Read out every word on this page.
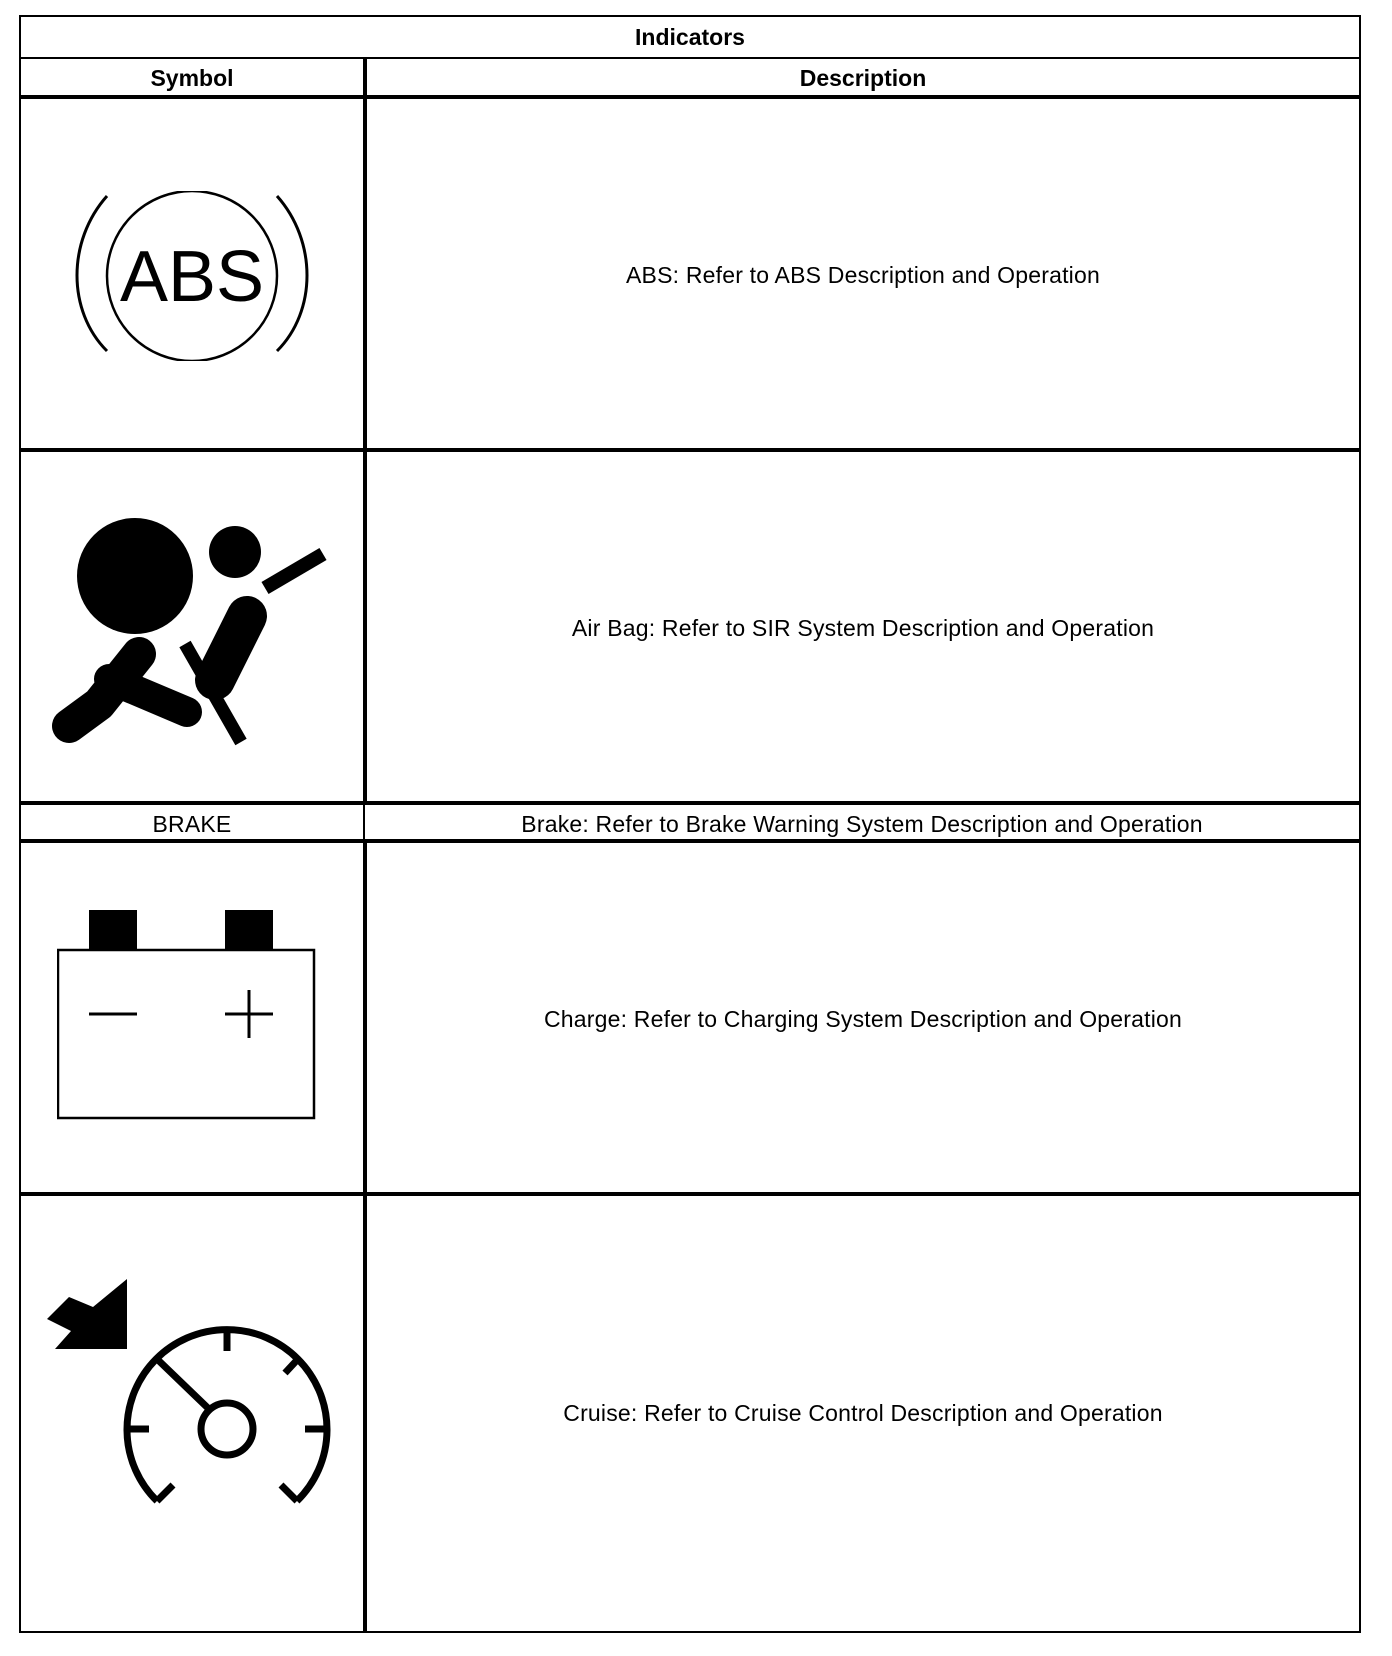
Indicators
Symbol	Description
ABS	ABS: Refer to ABS Description and Operation
Air Bag: Refer to SIR System Description and Operation
BRAKE	Brake: Refer to Brake Warning System Description and Operation
Charge: Refer to Charging System Description and Operation
Cruise: Refer to Cruise Control Description and Operation
